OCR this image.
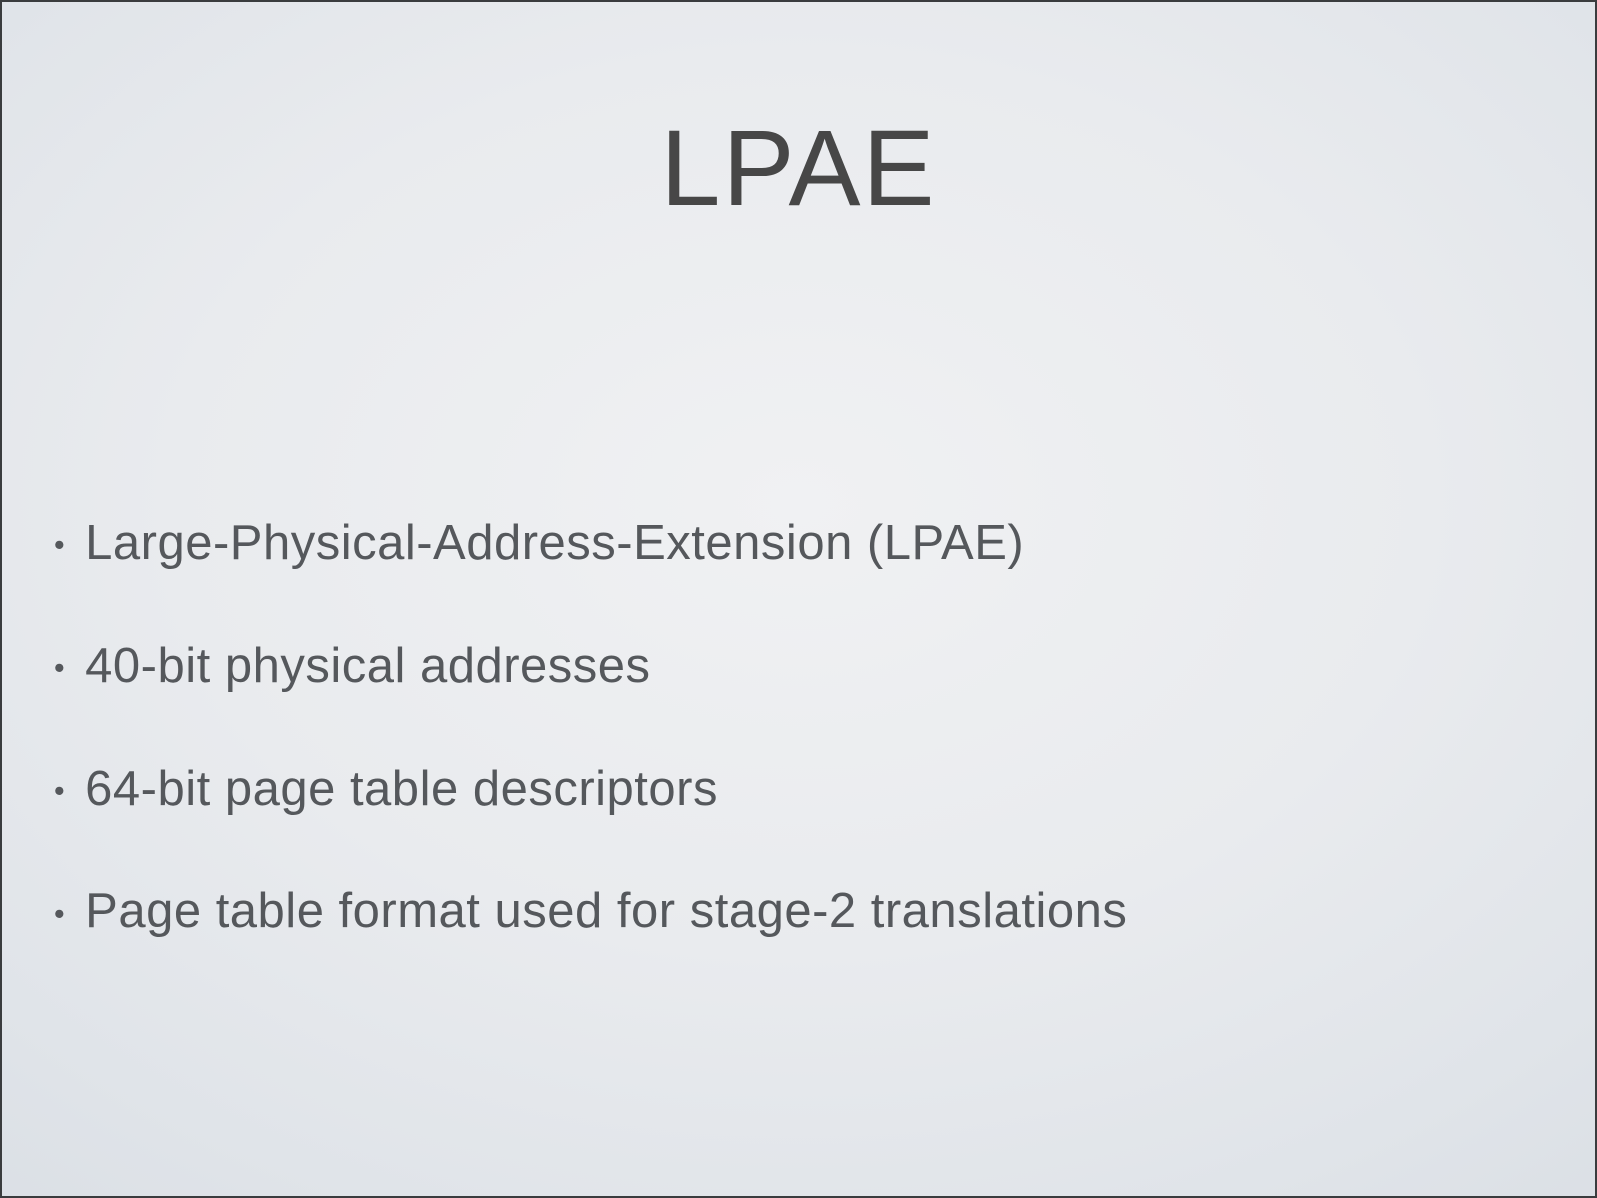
LPAE
• Large-Physical-Address-Extension (LPAE)
• 40-bit physical addresses
• 64-bit page table descriptors
• Page table format used for stage-2 translations
